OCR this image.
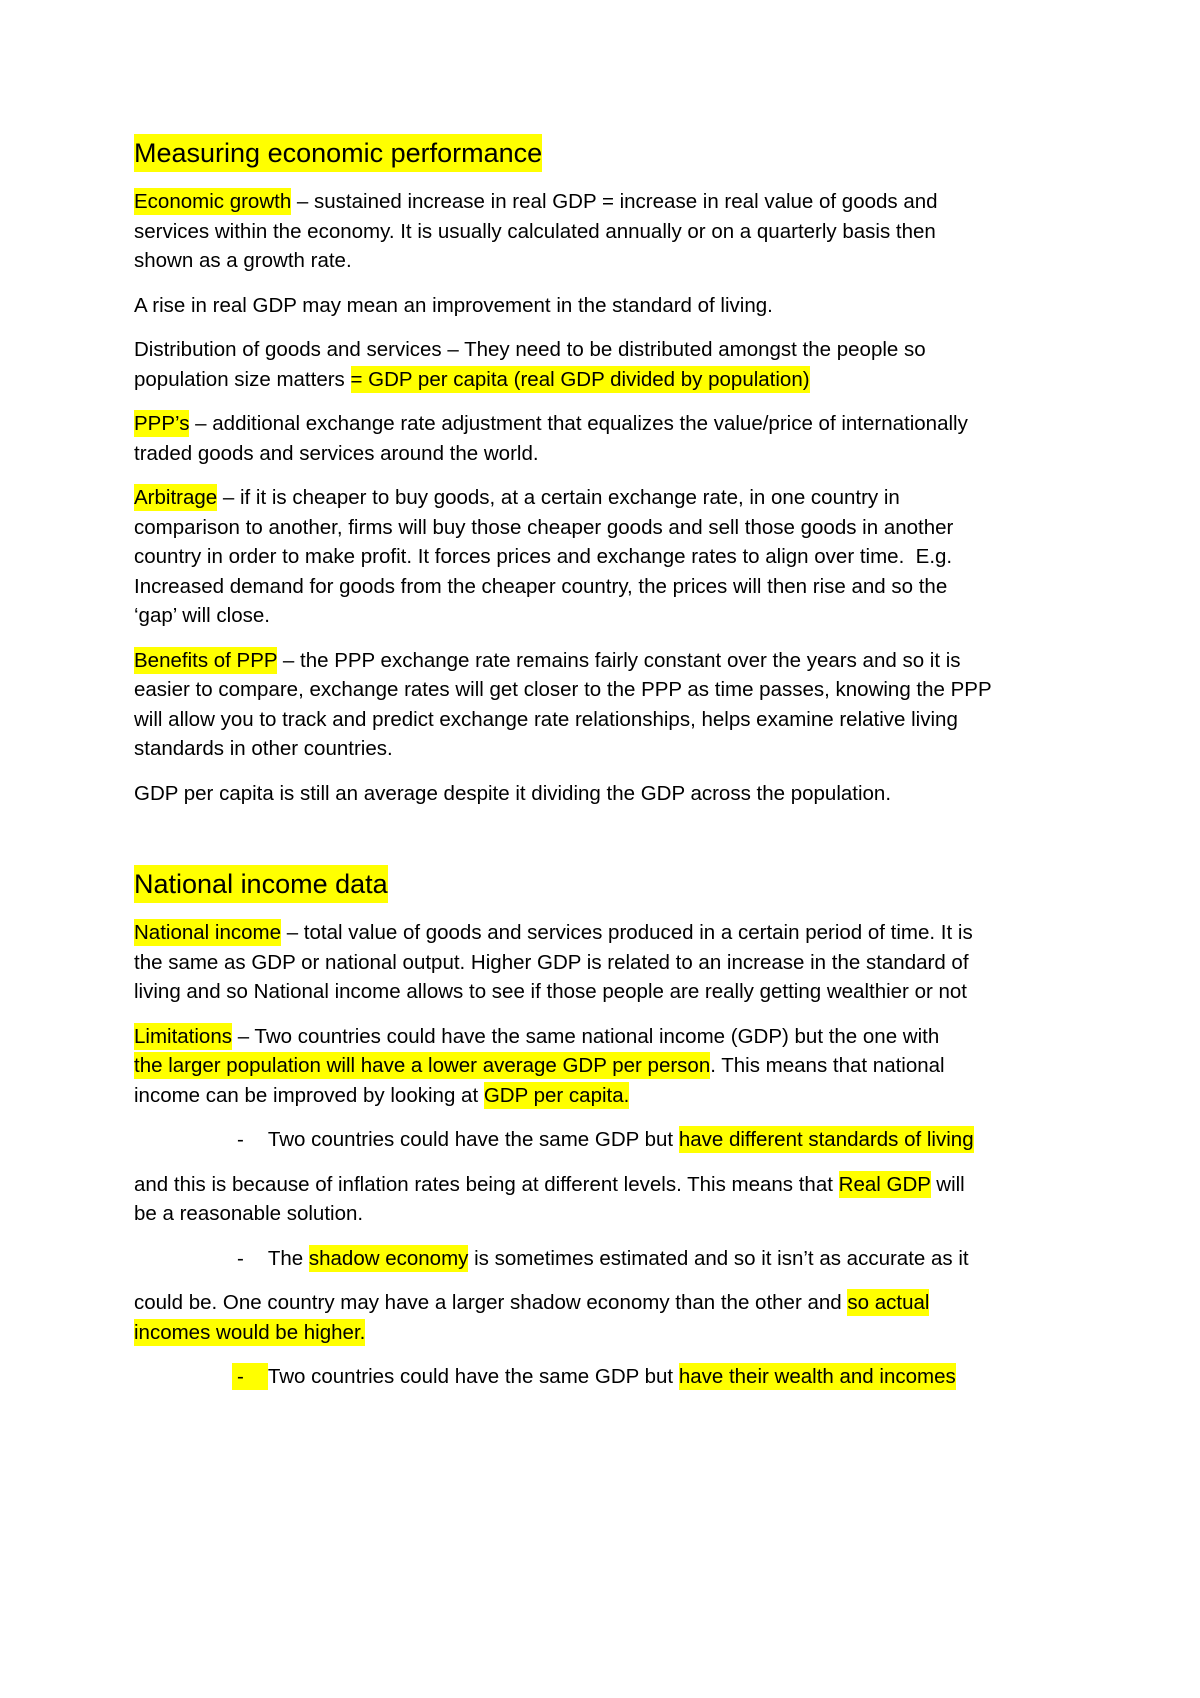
Measuring economic performance
Economic growth – sustained increase in real GDP = increase in real value of goods and
services within the economy. It is usually calculated annually or on a quarterly basis then
shown as a growth rate.
A rise in real GDP may mean an improvement in the standard of living.
Distribution of goods and services – They need to be distributed amongst the people so
population size matters = GDP per capita (real GDP divided by population)
PPP’s – additional exchange rate adjustment that equalizes the value/price of internationally
traded goods and services around the world.
Arbitrage – if it is cheaper to buy goods, at a certain exchange rate, in one country in
comparison to another, firms will buy those cheaper goods and sell those goods in another
country in order to make profit. It forces prices and exchange rates to align over time.  E.g.
Increased demand for goods from the cheaper country, the prices will then rise and so the
‘gap’ will close.
Benefits of PPP – the PPP exchange rate remains fairly constant over the years and so it is
easier to compare, exchange rates will get closer to the PPP as time passes, knowing the PPP
will allow you to track and predict exchange rate relationships, helps examine relative living
standards in other countries.
GDP per capita is still an average despite it dividing the GDP across the population.
National income data
National income – total value of goods and services produced in a certain period of time. It is
the same as GDP or national output. Higher GDP is related to an increase in the standard of
living and so National income allows to see if those people are really getting wealthier or not
Limitations – Two countries could have the same national income (GDP) but the one with
the larger population will have a lower average GDP per person. This means that national
income can be improved by looking at GDP per capita.
- Two countries could have the same GDP but have different standards of living
and this is because of inflation rates being at different levels. This means that Real GDP will
be a reasonable solution.
- The shadow economy is sometimes estimated and so it isn’t as accurate as it
could be. One country may have a larger shadow economy than the other and so actual
incomes would be higher.
- Two countries could have the same GDP but have their wealth and incomes
